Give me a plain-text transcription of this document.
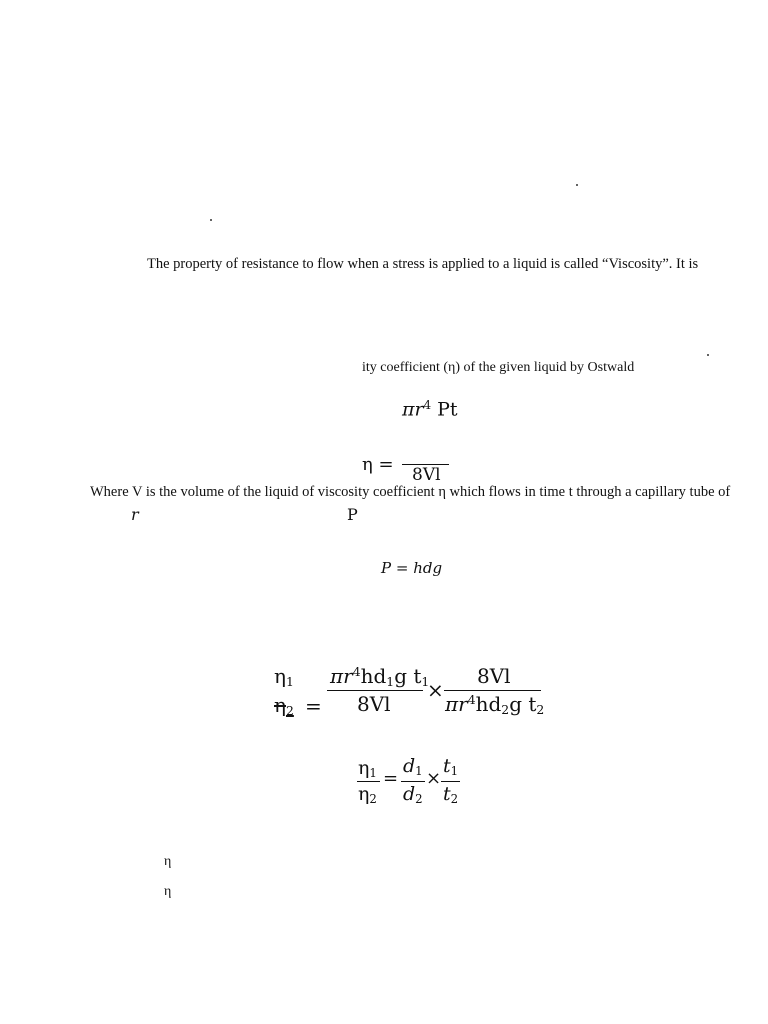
The property of resistance to flow when a stress is applied to a liquid is called “Viscosity”. It is
ity coefficient (η) of the given liquid by Ostwald
$\pi r^4$ Pt
η = 8Vl
Where V is the volume of the liquid of viscosity coefficient η which flows in time t through a capillary tube of
r	P
P = hdg
$\eta_1$
$\eta_2$ =
$\pi r^4hd_1g$ $t_1$
8Vl
×
8Vl
$\pi r^4hd_2g$ $t_2$
$\eta_1$
$\eta_2$
=
$d_1$
$d_2$
×
$t_1$
$t_2$
η
η
